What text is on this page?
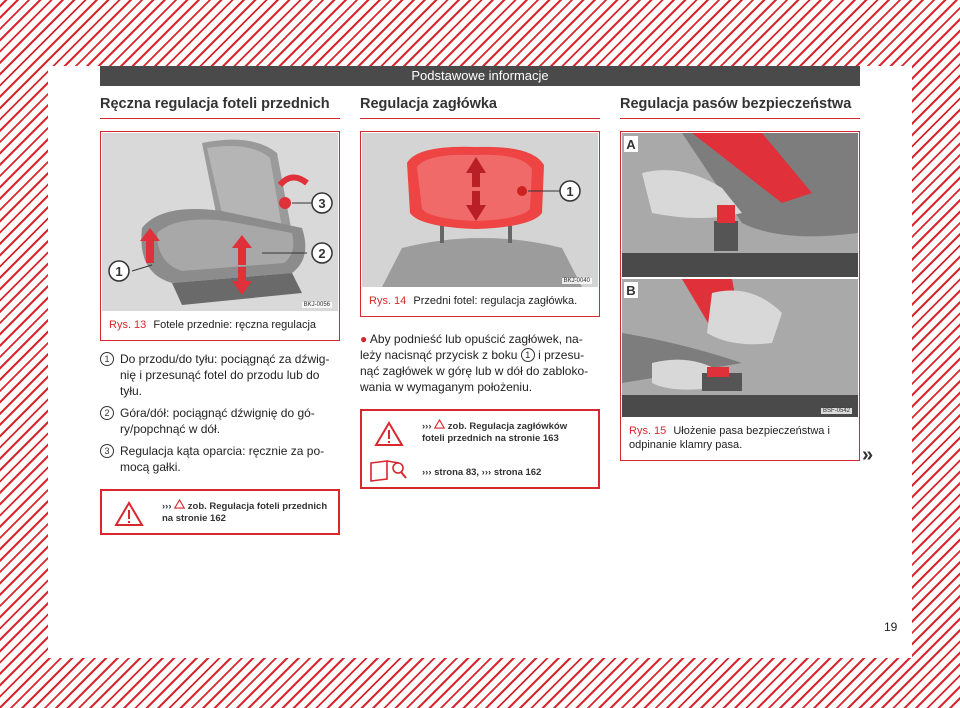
Podstawowe informacje
Ręczna regulacja foteli przednich
3
2
1
BKJ-0056
Rys. 13 Fotele przednie: ręczna regulacja
1 Do przodu/do tyłu: pociągnąć za dźwig-nię i przesunąć fotel do przodu lub do tyłu.
2 Góra/dół: pociągnąć dźwignię do gó-ry/popchnąć w dół.
3 Regulacja kąta oparcia: ręcznie za po-mocą gałki.

››› zob. Regulacja foteli przednich na stronie 162

Regulacja zagłówka
1
BKJ-0040
Rys. 14 Przedni fotel: regulacja zagłówka.
● Aby podnieść lub opuścić zagłówek, na-leży nacisnąć przycisk z boku 1 i przesu-nąć zagłówek w górę lub w dół do zabloko-wania w wymaganym położeniu.

››› zob. Regulacja zagłówków foteli przednich na stronie 163

››› strona 83, ››› strona 162

Regulacja pasów bezpieczeństwa
A
B
BSF-0542
Rys. 15 Ułożenie pasa bezpieczeństwa i odpinanie klamry pasa.	»
19
